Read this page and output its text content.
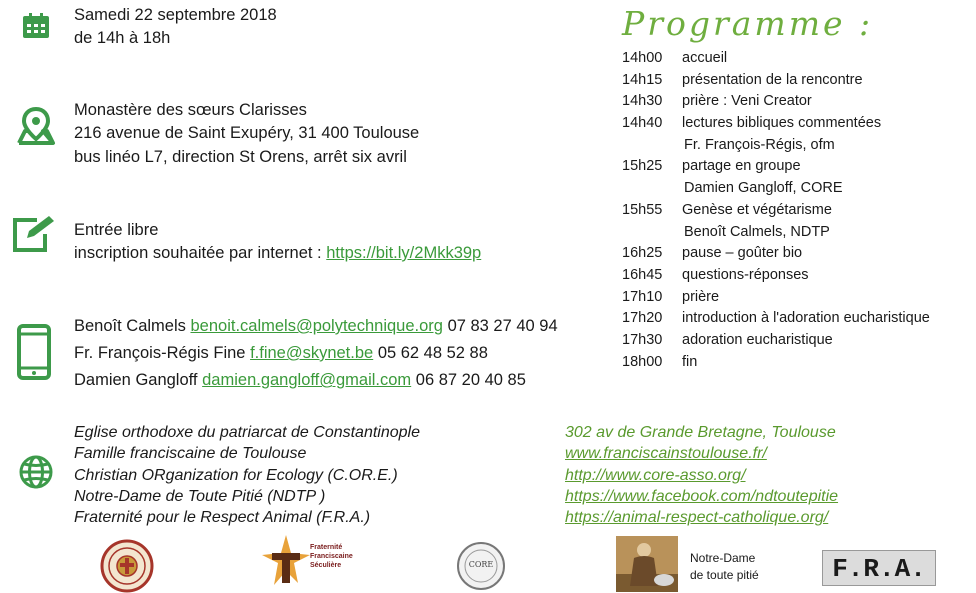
Samedi 22 septembre 2018
de 14h à 18h
Monastère des sœurs Clarisses
216 avenue de Saint Exupéry, 31 400 Toulouse
bus linéo L7, direction St Orens, arrêt six avril
Entrée libre
inscription souhaitée par internet : https://bit.ly/2Mkk39p
Benoît Calmels benoit.calmels@polytechnique.org 07 83 27 40 94
Fr. François-Régis Fine f.fine@skynet.be 05 62 48 52 88
Damien Gangloff damien.gangloff@gmail.com 06 87 20 40 85
Programme :
14h00 accueil
14h15 présentation de la rencontre
14h30 prière : Veni Creator
14h40 lectures bibliques commentées
Fr. François-Régis, ofm
15h25 partage en groupe
Damien Gangloff, CORE
15h55 Genèse et végétarisme
Benoît Calmels, NDTP
16h25 pause – goûter bio
16h45 questions-réponses
17h10 prière
17h20 introduction à l'adoration eucharistique
17h30 adoration eucharistique
18h00 fin
Eglise orthodoxe du patriarcat de Constantinople
Famille franciscaine de Toulouse
Christian ORganization for Ecology (C.OR.E.)
Notre-Dame de Toute Pitié (NDTP )
Fraternité pour le Respect Animal (F.R.A.)
302 av de Grande Bretagne, Toulouse
www.franciscainstoulouse.fr/
http://www.core-asso.org/
https://www.facebook.com/ndtoutepitie
https://animal-respect-catholique.org/
Fraternité
Franciscaine
Séculière	CORE	Notre-Dame
de toute pitié	F.R.A.
